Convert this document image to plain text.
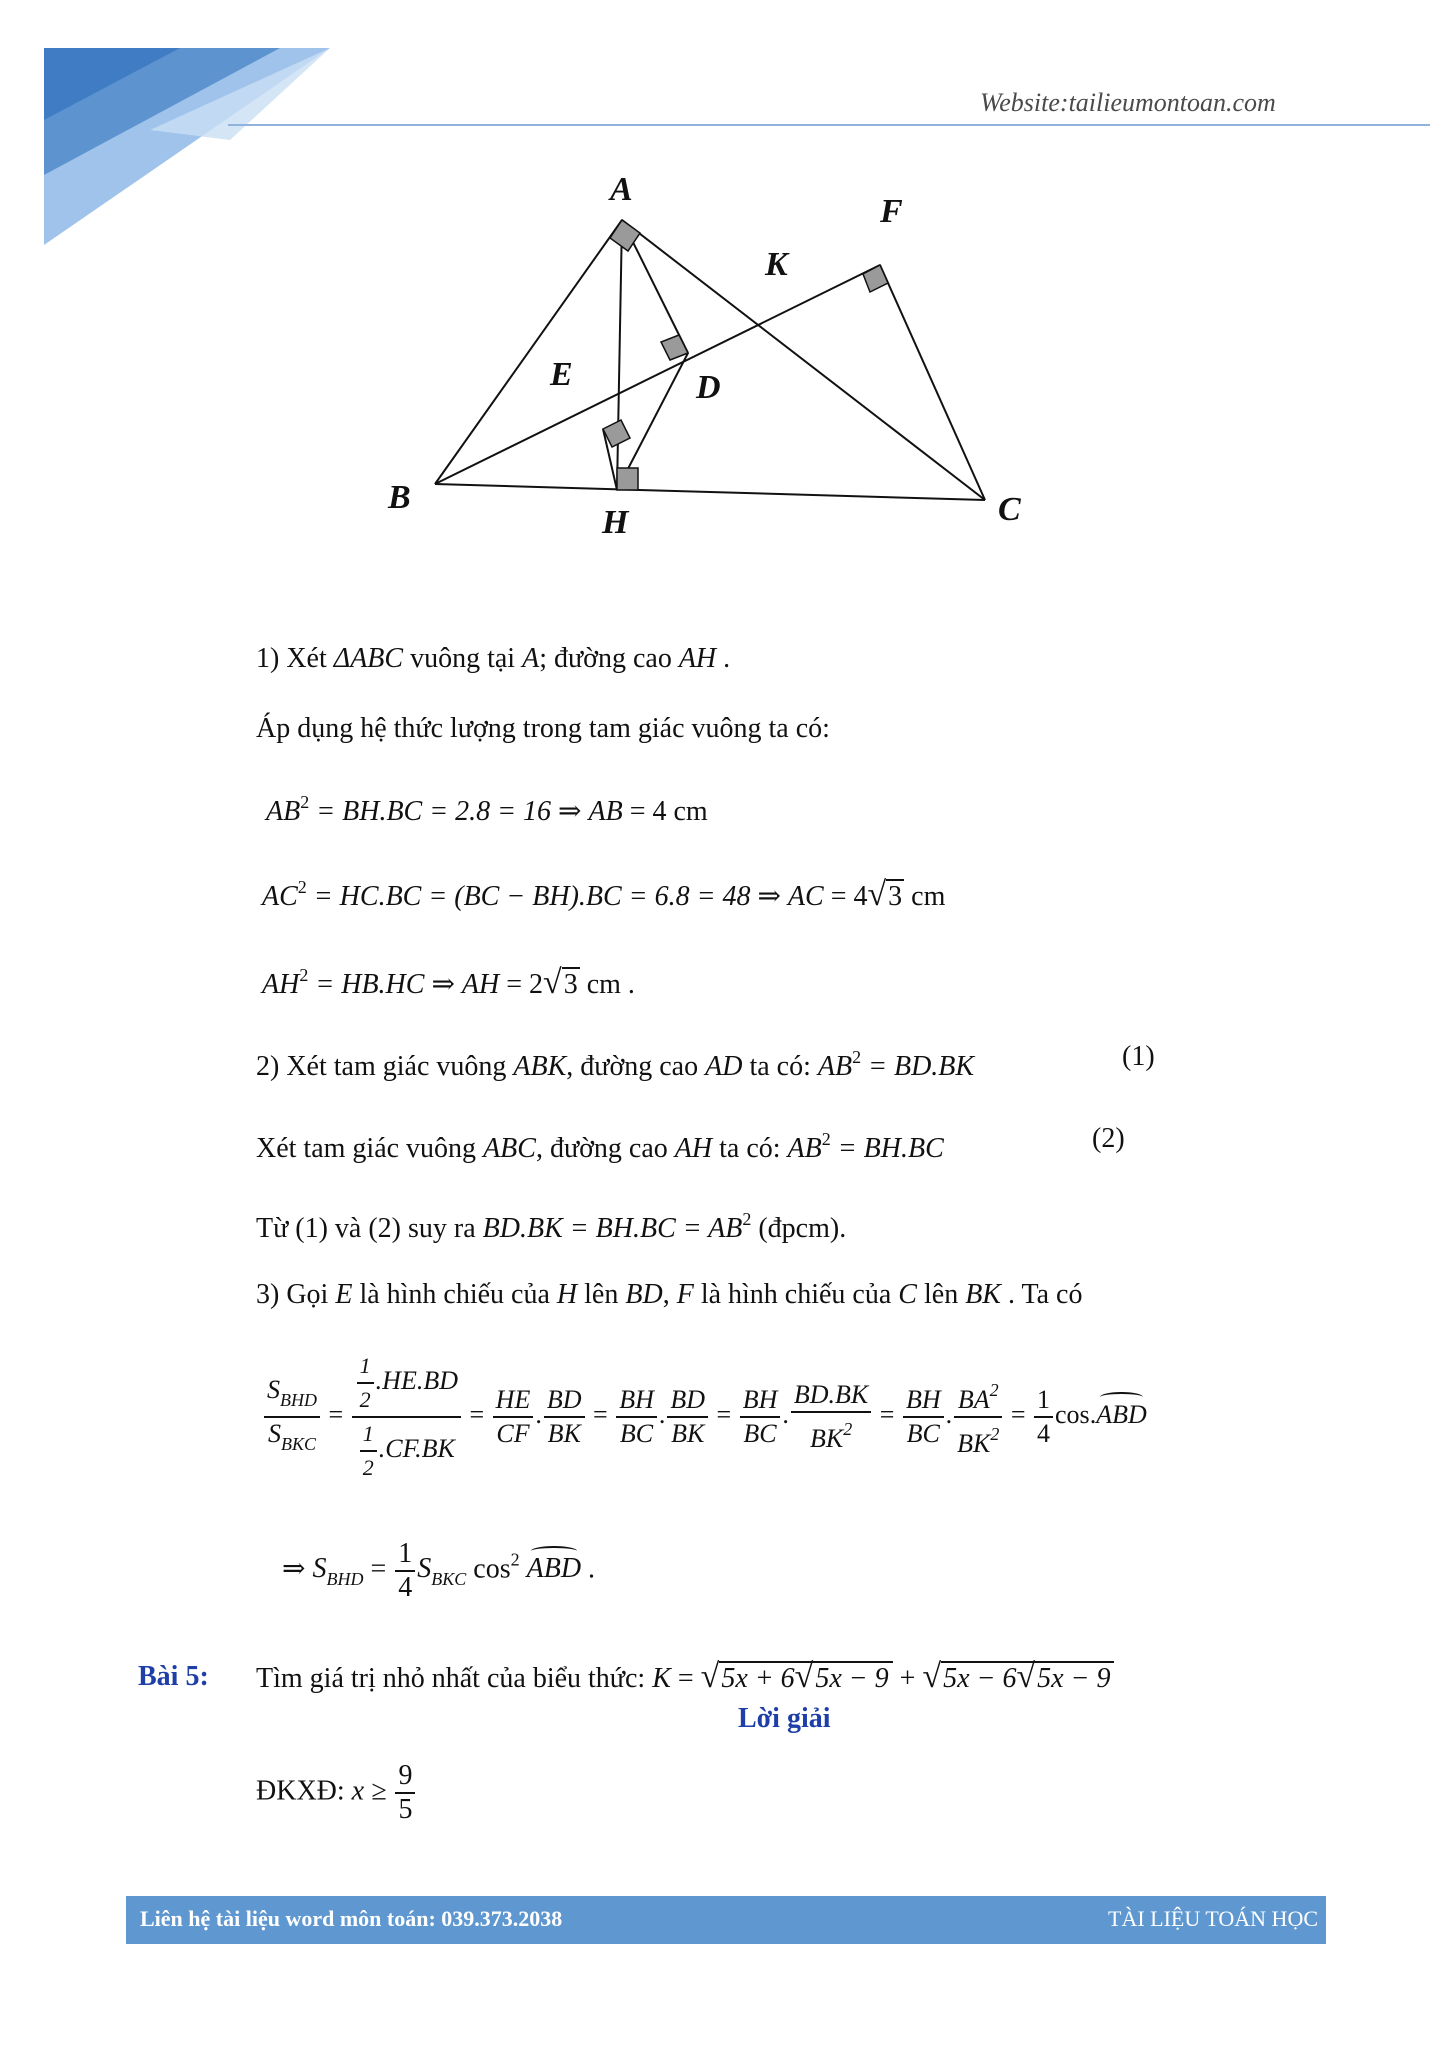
Website:tailieumontoan.com
A
F
K
E	D
B
H	C
1) Xét ΔABC vuông tại A; đường cao AH .
Áp dụng hệ thức lượng trong tam giác vuông ta có:
$AB^2 = BH.BC = 2.8 = 16$ ⇒ AB = 4 cm
$AC^2 = HC.BC = (BC - BH).BC = 6.8 = 48$ ⇒ AC = 4√3 cm
$AH^2 = HB.HC$ ⇒ AH = 2√3 cm .
2) Xét tam giác vuông ABK, đường cao AD ta có: $AB^2 = BD.BK$	(1)
Xét tam giác vuông ABC, đường cao AH ta có: $AB^2 = BH.BC$	(2)
Từ (1) và (2) suy ra $BD.BK = BH.BC = AB^2$ (đpcm).
3) Gọi E là hình chiếu của H lên BD, F là hình chiếu của C lên BK . Ta có
$\frac{S_{BHD}}{S_{BKC}} = \frac{\frac{1}{2} .HE.BD}{\frac{1}{2} .CF.BK} = \frac{HE}{CF}$ . $\frac{BD}{BK} = \frac{BH}{BC}$ . $\frac{BD}{BK} = \frac{BH}{BC}$ . $\frac{BD.BK}{BK^2} = \frac{BH}{BC}$ . $\frac{BA^2}{BK^2} = \frac{1}{4} \cos.ABD$
⇒ $S_{BHD} = \frac{1}{4} S_{BKC}$ $\cos^2$ ABD .
Bài 5: Tìm giá trị nhỏ nhất của biểu thức: K = √5x + 6√5x − 9 + √5x − 6√5x − 9
Lời giải
ĐKXĐ: $x \ge \frac{9}{5}$
Liên hệ tài liệu word môn toán: 039.373.2038	TÀI LIỆU TOÁN HỌC
